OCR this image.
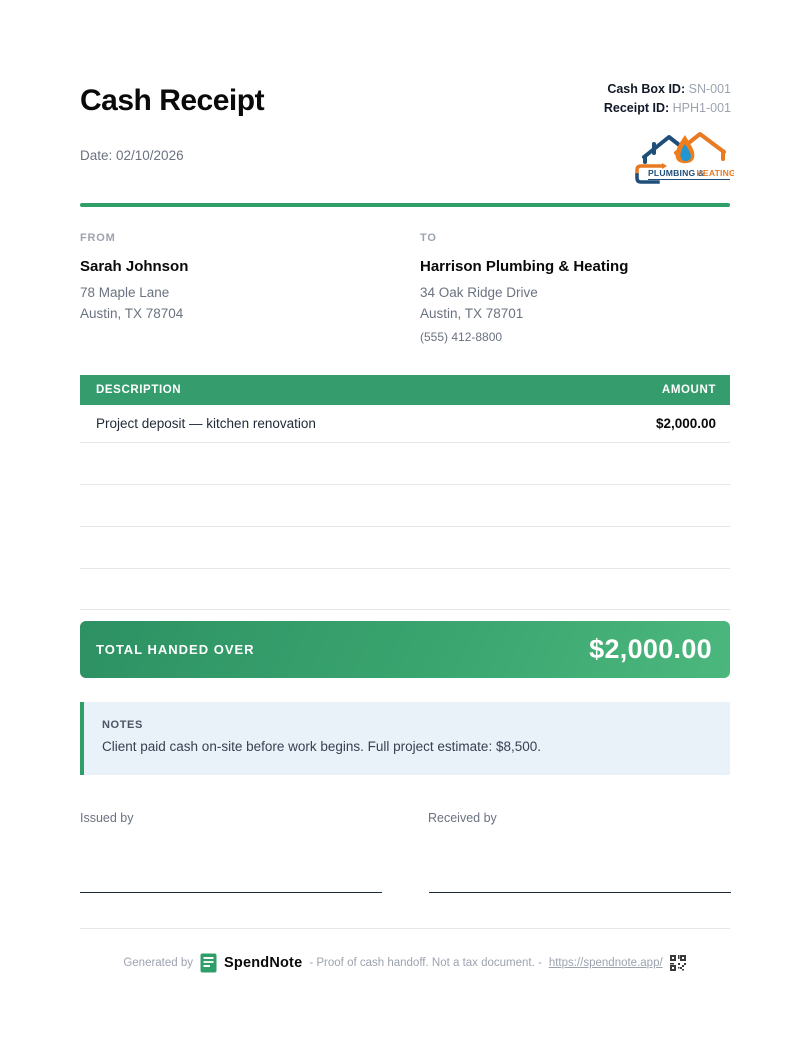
Cash Receipt	Cash Box ID: SN-001
Receipt ID: HPH1-001
Date: 02/10/2026
PLUMBING &
HEATING
FROM
Sarah Johnson
78 Maple Lane
Austin, TX 78704
TO
Harrison Plumbing & Heating
34 Oak Ridge Drive
Austin, TX 78701
(555) 412-8800
DESCRIPTION	AMOUNT
Project deposit — kitchen renovation	$2,000.00
TOTAL HANDED OVER	$2,000.00
NOTES
Client paid cash on-site before work begins. Full project estimate: $8,500.
Issued by	Received by
Generated by SpendNote - Proof of cash handoff. Not a tax document. - https://spendnote.app/
